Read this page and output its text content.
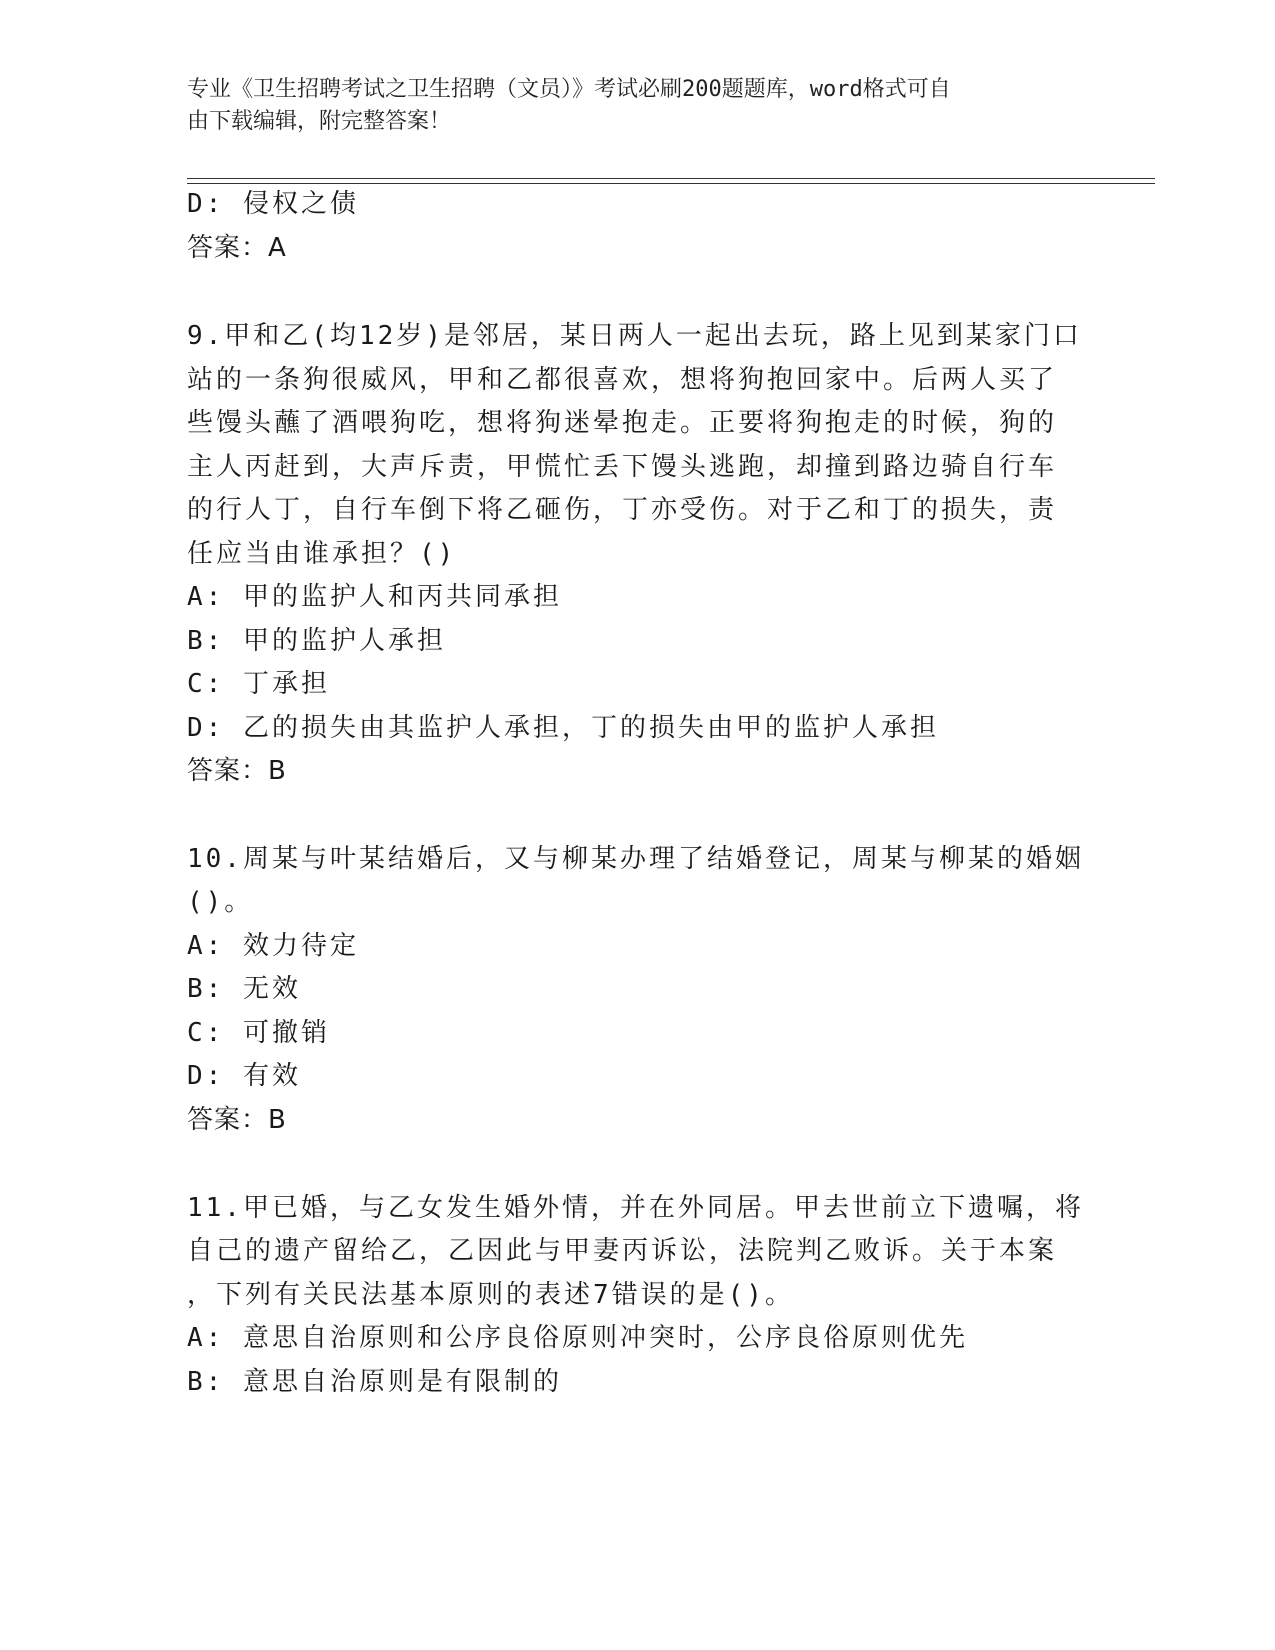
专业《卫生招聘考试之卫生招聘（文员）》考试必刷200题题库，word格式可自
由下载编辑，附完整答案！
D: 侵权之债
答案：A
9.甲和乙(均12岁)是邻居，某日两人一起出去玩，路上见到某家门口
站的一条狗很威风，甲和乙都很喜欢，想将狗抱回家中。后两人买了
些馒头蘸了酒喂狗吃，想将狗迷晕抱走。正要将狗抱走的时候，狗的
主人丙赶到，大声斥责，甲慌忙丢下馒头逃跑，却撞到路边骑自行车
的行人丁，自行车倒下将乙砸伤，丁亦受伤。对于乙和丁的损失，责
任应当由谁承担？()
A: 甲的监护人和丙共同承担
B: 甲的监护人承担
C: 丁承担
D: 乙的损失由其监护人承担，丁的损失由甲的监护人承担
答案：B
10.周某与叶某结婚后，又与柳某办理了结婚登记，周某与柳某的婚姻
()。
A: 效力待定
B: 无效
C: 可撤销
D: 有效
答案：B
11.甲已婚，与乙女发生婚外情，并在外同居。甲去世前立下遗嘱，将
自己的遗产留给乙，乙因此与甲妻丙诉讼，法院判乙败诉。关于本案
，下列有关民法基本原则的表述7错误的是()。
A: 意思自治原则和公序良俗原则冲突时，公序良俗原则优先
B: 意思自治原则是有限制的
